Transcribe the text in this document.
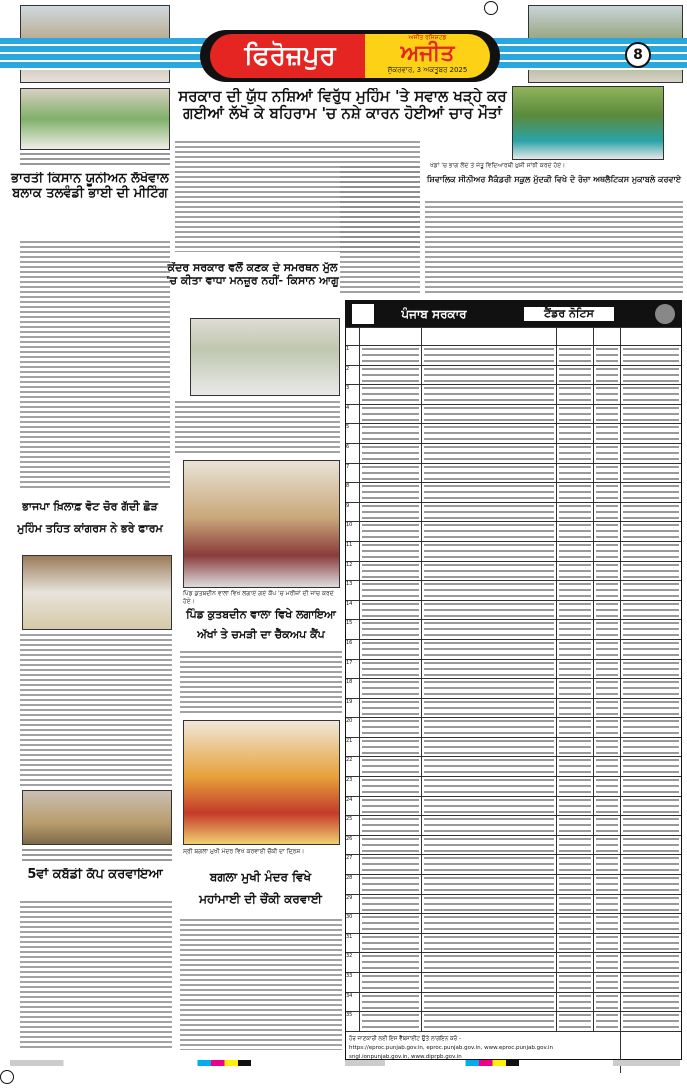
ਫਿਰੋਜ਼ਪੁਰ
ਅਜੀਤ ਰਜਿਸ਼ਟਡ
ਅਜੀਤ
ਸ਼ੁੱਕਰਵਾਰ, 3 ਅਕਤੂਬਰ 2025
8
ਸਰਕਾਰ ਦੀ ਯੁੱਧ ਨਸ਼ਿਆਂ ਵਿਰੁੱਧ ਮੁਹਿੰਮ 'ਤੇ ਸਵਾਲ ਖੜ੍ਹੇ ਕਰ
ਗਈਆਂ ਲੱਖੋ ਕੇ ਬਹਿਰਾਮ 'ਚ ਨਸ਼ੇ ਕਾਰਨ ਹੋਈਆਂ ਚਾਰ ਮੌਤਾਂ
ਖੇਡਾਂ 'ਚ ਭਾਗ ਲੈਂਦੇ ਤੇ ਜੇਤੂ ਵਿਦਿਆਰਥੀ ਖ਼ੁਸ਼ੀ ਸਾਂਝੀ ਕਰਦੇ ਹੋਏ।
ਸ਼ਿਵਾਲਿਕ ਸੀਨੀਅਰ ਸੈਕੰਡਰੀ ਸਕੂਲ ਮੁੱਦਕੀ ਵਿਖੇ ਦੋ ਰੋਜ਼ਾ ਅਥਲੈਟਿਕਸ ਮੁਕਾਬਲੇ ਕਰਵਾਏ
ਭਾਰਤੀ ਕਿਸਾਨ ਯੂਨੀਅਨ ਲੱਖੋਵਾਲ
ਬਲਾਕ ਤਲਵੰਡੀ ਭਾਈ ਦੀ ਮੀਟਿੰਗ
ਕੇਂਦਰ ਸਰਕਾਰ ਵਲੋਂ ਕਣਕ ਦੇ ਸਮਰਥਨ ਮੁੱਲ
'ਚ ਕੀਤਾ ਵਾਧਾ ਮਨਜ਼ੂਰ ਨਹੀਂ- ਕਿਸਾਨ ਆਗੂ
ਭਾਜਪਾ ਖ਼ਿਲਾਫ਼ ਵੋਟ ਚੋਰ ਗੱਦੀ ਛੋੜ
ਮੁਹਿੰਮ ਤਹਿਤ ਕਾਂਗਰਸ ਨੇ ਭਰੇ ਫਾਰਮ
ਪਿੰਡ ਕੁਤਬਦੀਨ ਵਾਲਾ ਵਿਖੇ ਲਗਾਏ ਗਏ ਕੈਂਪ 'ਚ ਮਰੀਜ਼ਾਂ ਦੀ ਜਾਂਚ ਕਰਦੇ ਹੋਏ।
ਪਿੰਡ ਕੁਤਬਦੀਨ ਵਾਲਾ ਵਿਖੇ ਲਗਾਇਆ
ਅੱਖਾਂ ਤੇ ਚਮੜੀ ਦਾ ਚੈੱਕਅਪ ਕੈਂਪ
ਸ੍ਰੀ ਬਗਲਾ ਮੁਖੀ ਮੰਦਰ ਵਿਖੇ ਕਰਵਾਈ ਚੌਂਕੀ ਦਾ ਦ੍ਰਿਸ਼।
5ਵਾਂ ਕਬੱਡੀ ਕੱਪ ਕਰਵਾਇਆ	ਬਗਲਾ ਮੁਖੀ ਮੰਦਰ ਵਿਖੇ
ਮਹਾਂਮਾਈ ਦੀ ਚੌਂਕੀ ਕਰਵਾਈ
ਪੰਜਾਬ ਸਰਕਾਰ	ਟੈਂਡਰ ਨੋਟਿਸ
1
2
3
4
5
6
7
8
9
10
11
12
13
14
15
16
17
18
19
20
21
22
23
24
25
26
27
28
29
30
31
32
33
34
35
ਹੋਰ ਜਾਣਕਾਰੀ ਲਈ ਇਸ ਵੈੱਬਸਾਈਟ ਉਤੇ ਲਾਗਇਨ ਕਰੋ -
https://eproc.punjab.gov.in, eproc.punjab.gov.in, www.eproc.punjab.gov.in
sngl.ionpunjab.gov.in, www.diprpb.gov.in
